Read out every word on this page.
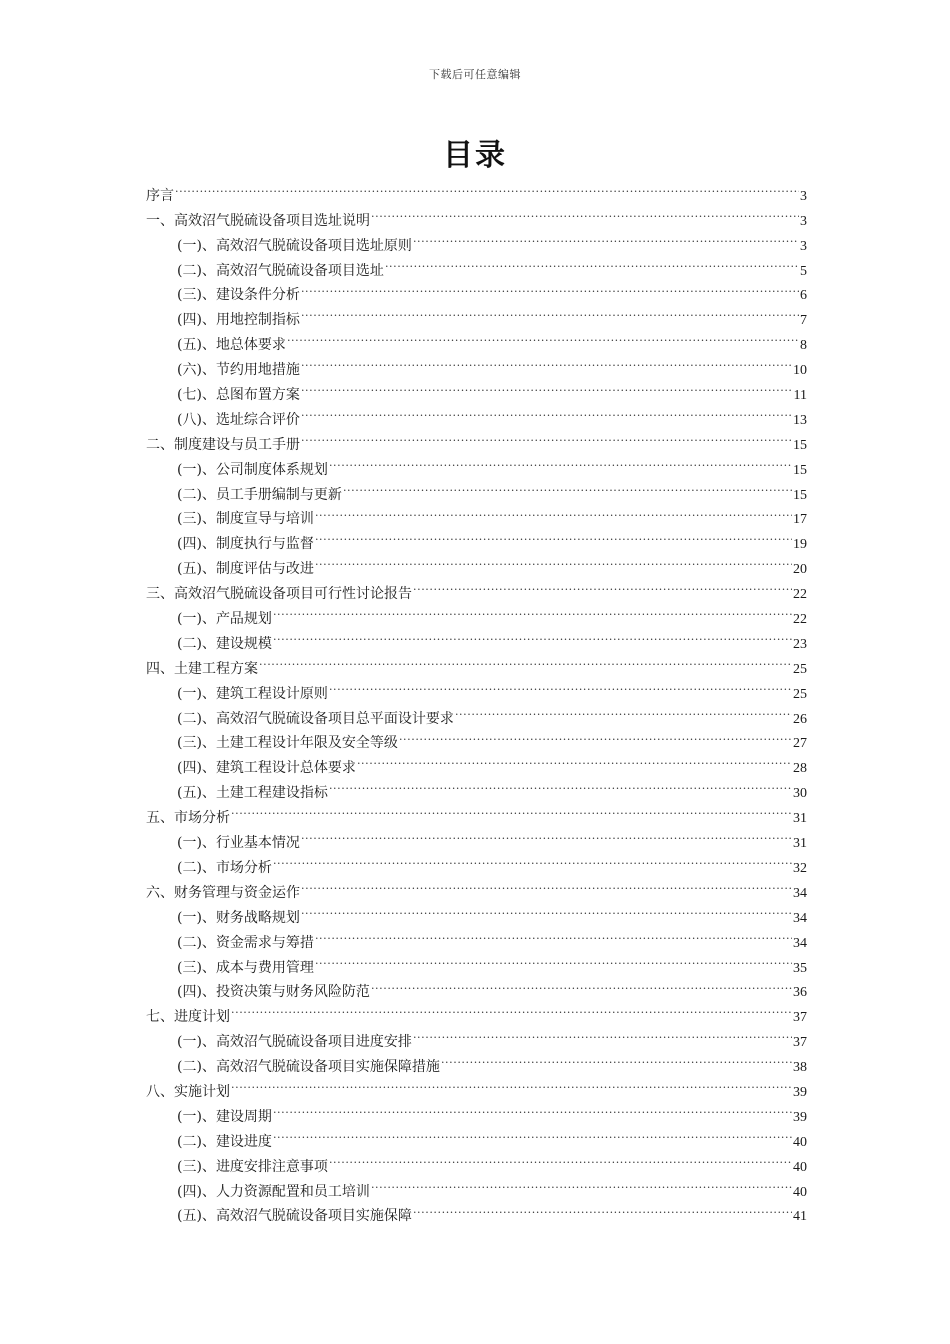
下载后可任意编辑
目录
序言 .....	3
一、 高效沼气脱硫设备项目选址说明 .....	3
(一)、 高效沼气脱硫设备项目选址原则 .....	3
(二)、 高效沼气脱硫设备项目选址 .....	5
(三)、 建设条件分析 .....	6
(四)、 用地控制指标 .....	7
(五)、 地总体要求 .....	8
(六)、 节约用地措施 .....	10
(七)、 总图布置方案 .....	11
(八)、 选址综合评价 .....	13
二、 制度建设与员工手册 .....	15
(一)、 公司制度体系规划 .....	15
(二)、 员工手册编制与更新 .....	15
(三)、 制度宣导与培训 .....	17
(四)、 制度执行与监督 .....	19
(五)、 制度评估与改进 .....	20
三、 高效沼气脱硫设备项目可行性讨论报告 .....	22
(一)、 产品规划 .....	22
(二)、 建设规模 .....	23
四、 土建工程方案 .....	25
(一)、 建筑工程设计原则 .....	25
(二)、 高效沼气脱硫设备项目总平面设计要求 .....	26
(三)、 土建工程设计年限及安全等级 .....	27
(四)、 建筑工程设计总体要求 .....	28
(五)、 土建工程建设指标 .....	30
五、 市场分析 .....	31
(一)、 行业基本情况 .....	31
(二)、 市场分析 .....	32
六、 财务管理与资金运作 .....	34
(一)、 财务战略规划 .....	34
(二)、 资金需求与筹措 .....	34
(三)、 成本与费用管理 .....	35
(四)、 投资决策与财务风险防范 .....	36
七、 进度计划 .....	37
(一)、 高效沼气脱硫设备项目进度安排 .....	37
(二)、 高效沼气脱硫设备项目实施保障措施 .....	38
八、 实施计划 .....	39
(一)、 建设周期 .....	39
(二)、 建设进度 .....	40
(三)、 进度安排注意事项 .....	40
(四)、 人力资源配置和员工培训 .....	40
(五)、 高效沼气脱硫设备项目实施保障 .....	41
